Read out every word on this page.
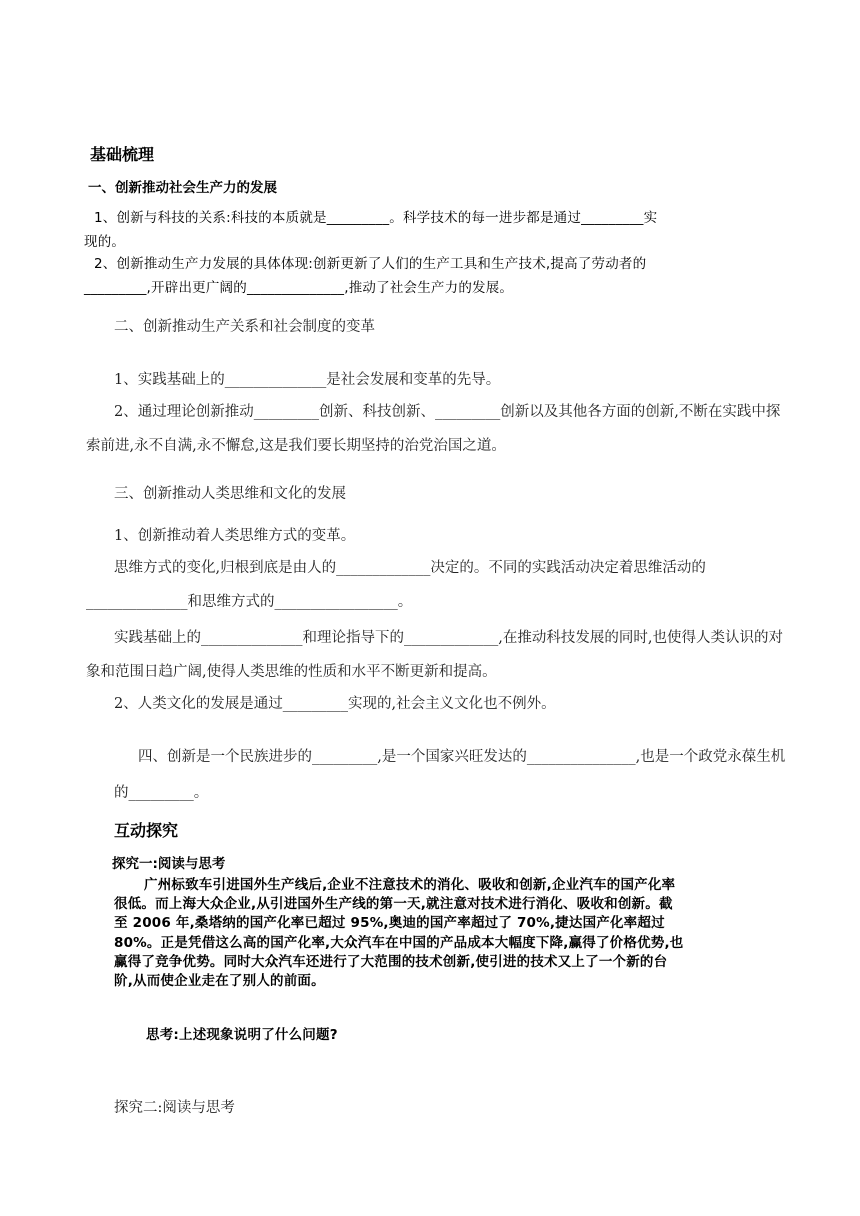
基础梳理
一、创新推动社会生产力的发展

1、创新与科技的关系:科技的本质就是_________。科学技术的每一进步都是通过_________实现的。

2、创新推动生产力发展的具体体现:创新更新了人们的生产工具和生产技术,提高了劳动者的_________,开辟出更广阔的______________,推动了社会生产力的发展。

二、创新推动生产关系和社会制度的变革

1、实践基础上的______________是社会发展和变革的先导。

2、通过理论创新推动_________创新、科技创新、_________创新以及其他各方面的创新,不断在实践中探索前进,永不自满,永不懈怠,这是我们要长期坚持的治党治国之道。

三、创新推动人类思维和文化的发展

1、创新推动着人类思维方式的变革。

思维方式的变化,归根到底是由人的_____________决定的。不同的实践活动决定着思维活动的______________和思维方式的_________________。

实践基础上的______________和理论指导下的_____________,在推动科技发展的同时,也使得人类认识的对象和范围日趋广阔,使得人类思维的性质和水平不断更新和提高。

2、人类文化的发展是通过_________实现的,社会主义文化也不例外。

四、创新是一个民族进步的_________,是一个国家兴旺发达的_______________,也是一个政党永葆生机的_________。

互动探究
探究一:阅读与思考

广州标致车引进国外生产线后,企业不注意技术的消化、吸收和创新,企业汽车的国产化率很低。而上海大众企业,从引进国外生产线的第一天,就注意对技术进行消化、吸收和创新。截至 2006 年,桑塔纳的国产化率已超过 95%,奥迪的国产率超过了 70%,捷达国产化率超过 80%。正是凭借这么高的国产化率,大众汽车在中国的产品成本大幅度下降,赢得了价格优势,也赢得了竞争优势。同时大众汽车还进行了大范围的技术创新,使引进的技术又上了一个新的台阶,从而使企业走在了别人的前面。

思考:上述现象说明了什么问题?

探究二:阅读与思考
